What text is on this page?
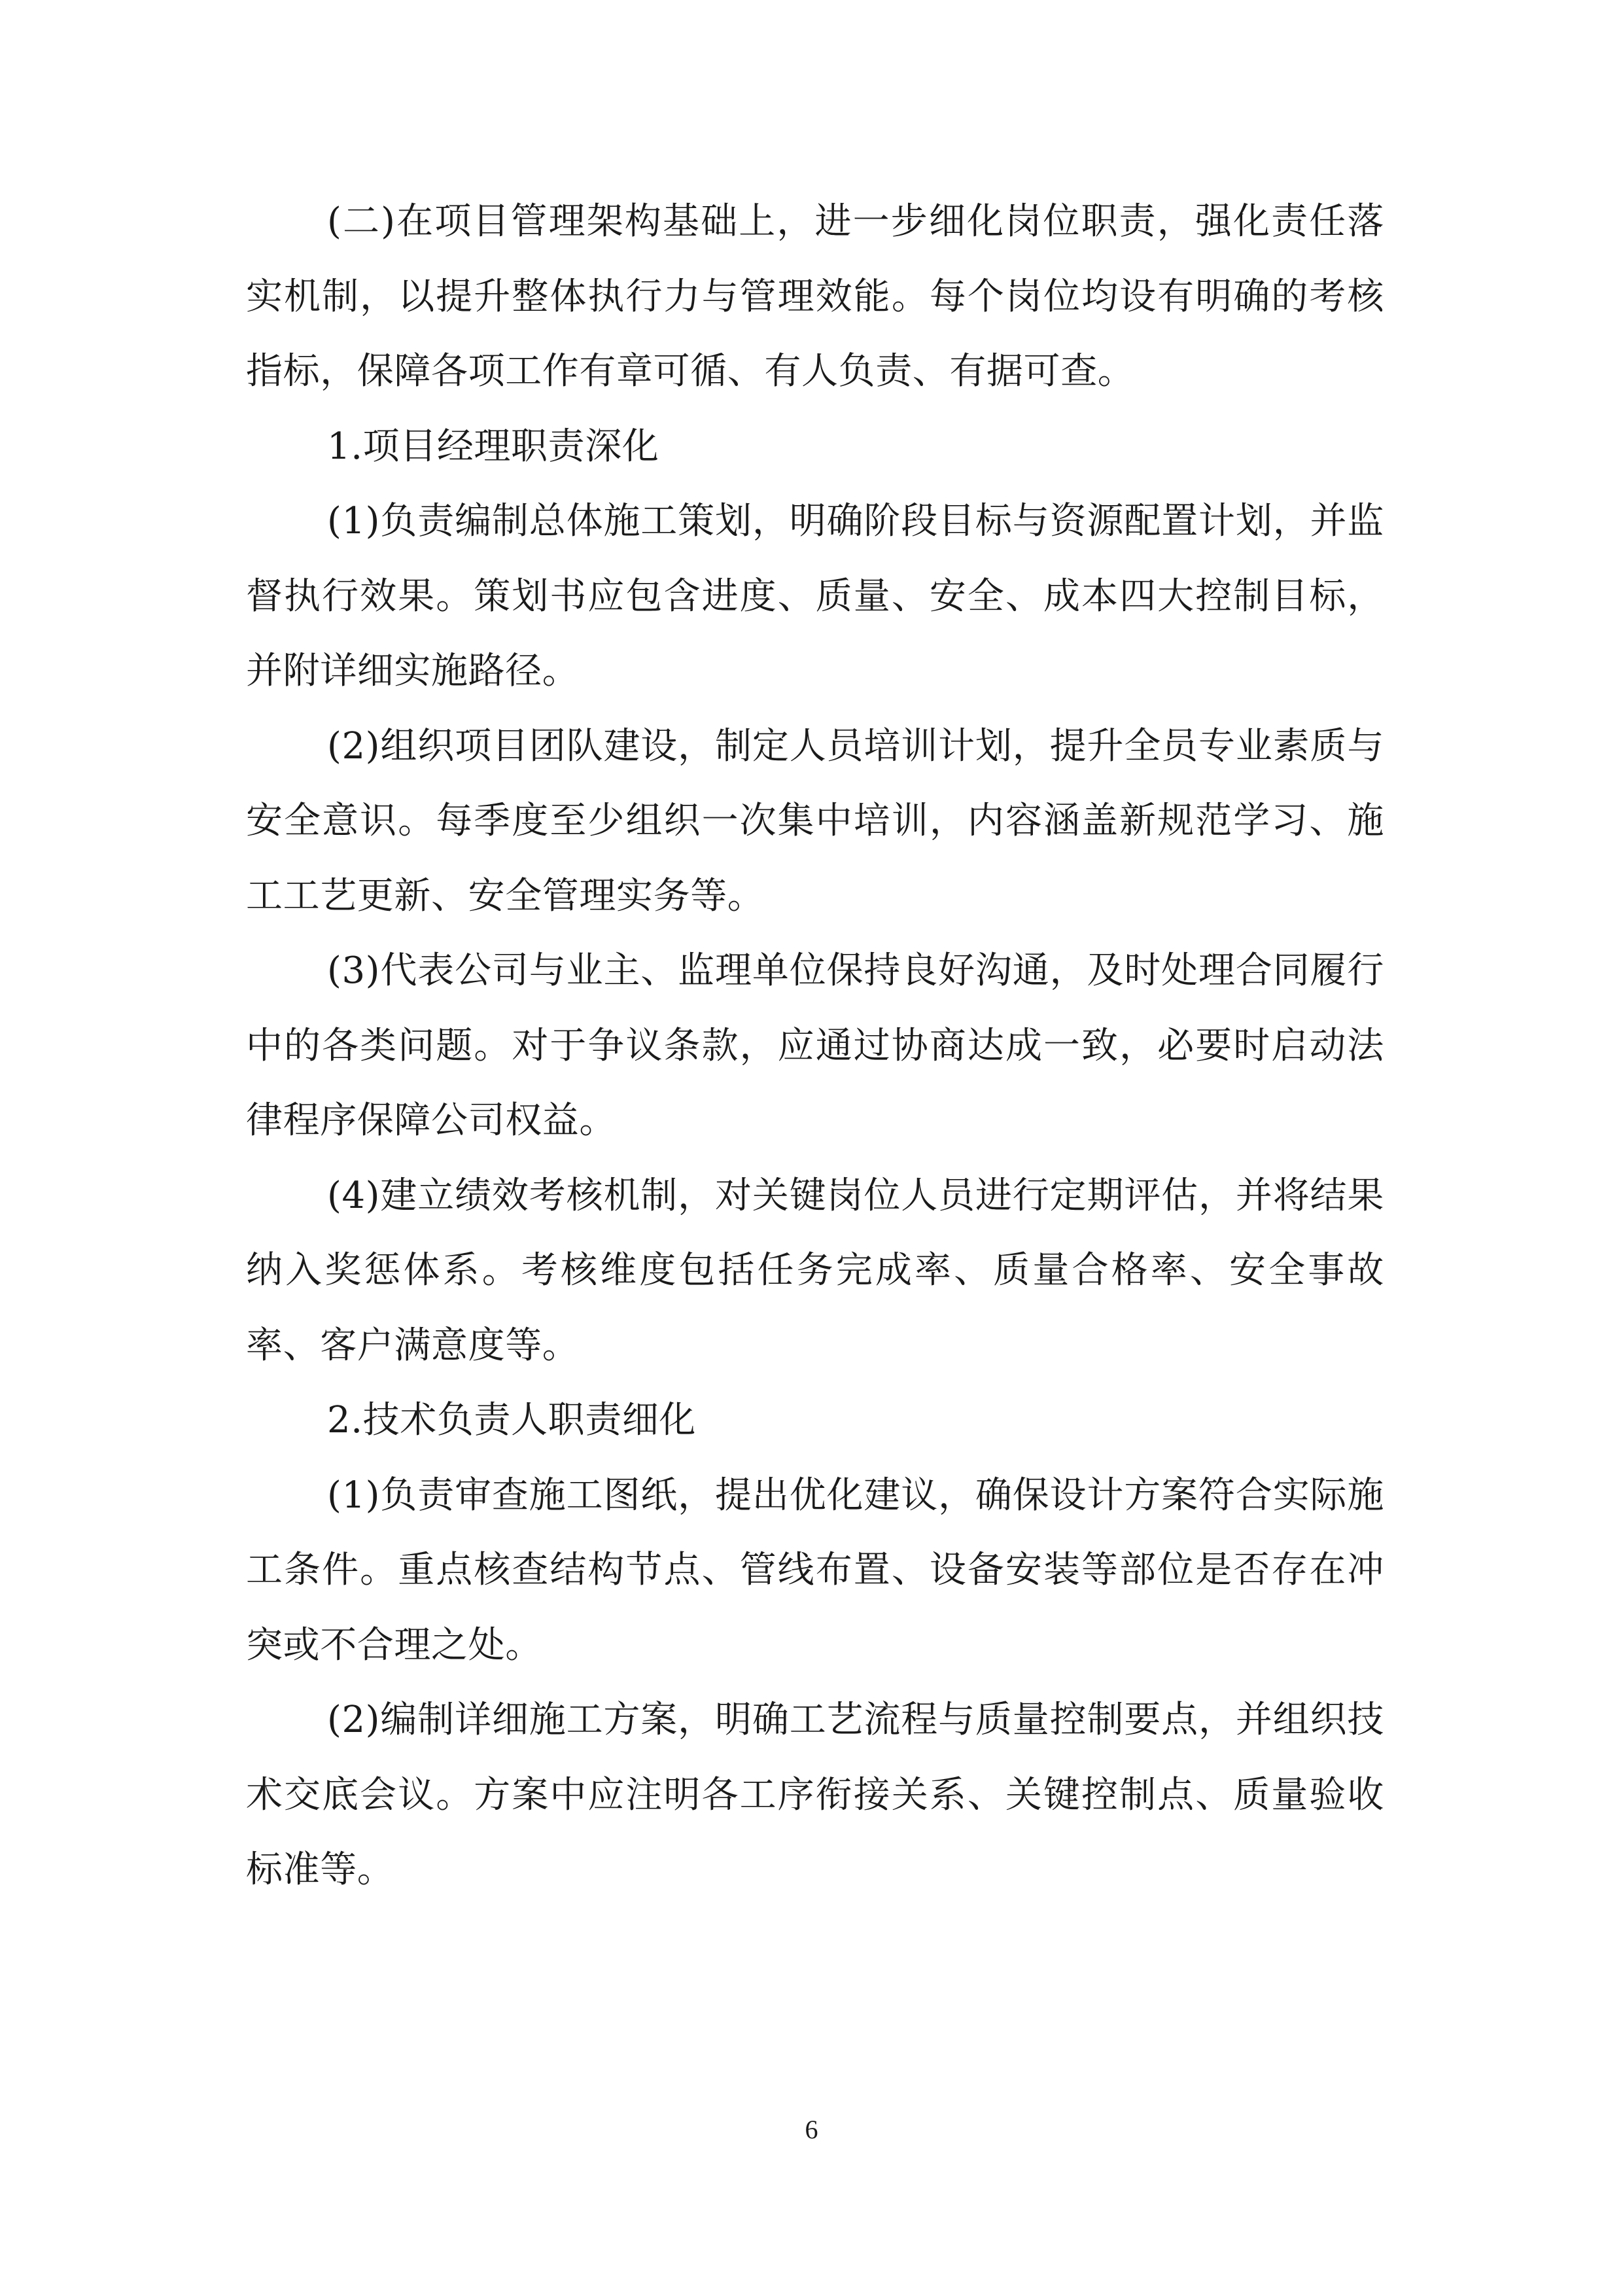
(二)在项目管理架构基础上，进一步细化岗位职责，强化责任落实机制，以提升整体执行力与管理效能。每个岗位均设有明确的考核指标，保障各项工作有章可循、有人负责、有据可查。

1.项目经理职责深化

(1)负责编制总体施工策划，明确阶段目标与资源配置计划，并监督执行效果。策划书应包含进度、质量、安全、成本四大控制目标，并附详细实施路径。

(2)组织项目团队建设，制定人员培训计划，提升全员专业素质与安全意识。每季度至少组织一次集中培训，内容涵盖新规范学习、施工工艺更新、安全管理实务等。

(3)代表公司与业主、监理单位保持良好沟通，及时处理合同履行中的各类问题。对于争议条款，应通过协商达成一致，必要时启动法律程序保障公司权益。

(4)建立绩效考核机制，对关键岗位人员进行定期评估，并将结果纳入奖惩体系。考核维度包括任务完成率、质量合格率、安全事故率、客户满意度等。

2.技术负责人职责细化

(1)负责审查施工图纸，提出优化建议，确保设计方案符合实际施工条件。重点核查结构节点、管线布置、设备安装等部位是否存在冲突或不合理之处。

(2)编制详细施工方案，明确工艺流程与质量控制要点，并组织技术交底会议。方案中应注明各工序衔接关系、关键控制点、质量验收标准等。

6
